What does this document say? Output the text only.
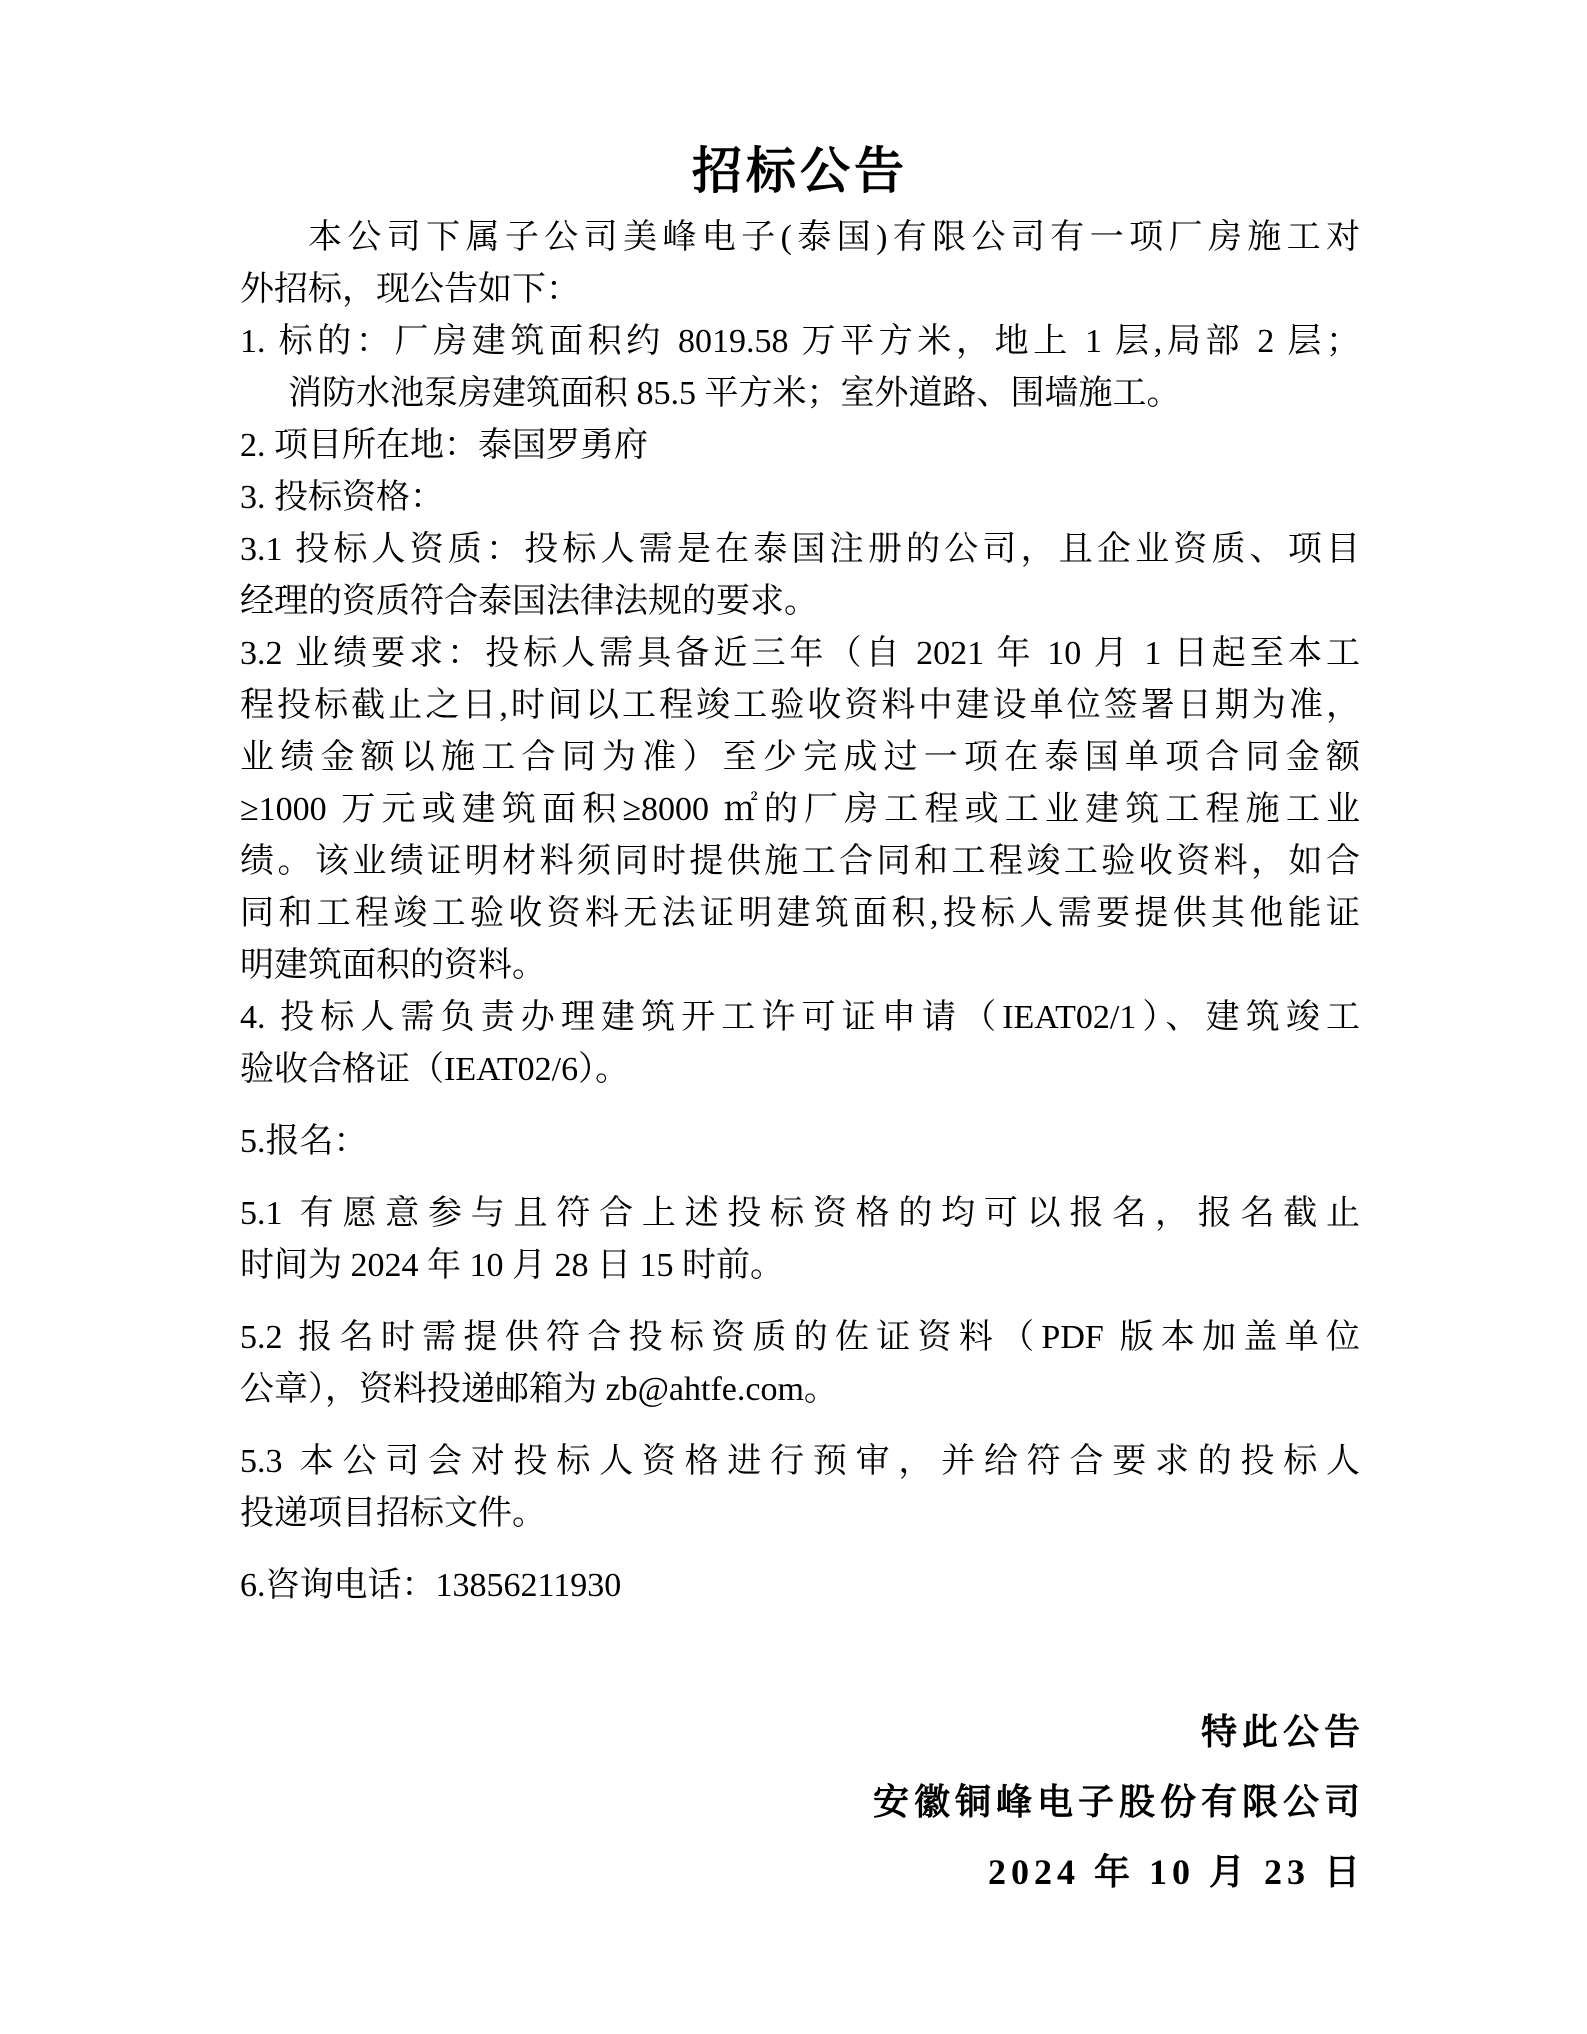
招标公告
本公司下属子公司美峰电子(泰国)有限公司有一项厂房施工对
外招标，现公告如下：
1. 标的：厂房建筑面积约 8019.58 万平方米，地上 1 层,局部 2 层；
消防水池泵房建筑面积 85.5 平方米；室外道路、围墙施工。
2. 项目所在地：泰国罗勇府
3. 投标资格：
3.1 投标人资质：投标人需是在泰国注册的公司，且企业资质、项目
经理的资质符合泰国法律法规的要求。
3.2 业绩要求：投标人需具备近三年（自 2021 年 10 月 1 日起至本工
程投标截止之日,时间以工程竣工验收资料中建设单位签署日期为准，
业绩金额以施工合同为准）至少完成过一项在泰国单项合同金额
≥1000 万元或建筑面积≥8000 ㎡的厂房工程或工业建筑工程施工业
绩。该业绩证明材料须同时提供施工合同和工程竣工验收资料，如合
同和工程竣工验收资料无法证明建筑面积,投标人需要提供其他能证
明建筑面积的资料。
4. 投标人需负责办理建筑开工许可证申请（IEAT02/1）、建筑竣工
验收合格证（IEAT02/6）。
5.报名：
5.1 有愿意参与且符合上述投标资格的均可以报名，报名截止
时间为 2024 年 10 月 28 日 15 时前。
5.2 报名时需提供符合投标资质的佐证资料（PDF 版本加盖单位
公章），资料投递邮箱为 zb@ahtfe.com。
5.3 本公司会对投标人资格进行预审，并给符合要求的投标人
投递项目招标文件。
6.咨询电话：13856211930
特此公告
安徽铜峰电子股份有限公司
2024 年 10 月 23 日
